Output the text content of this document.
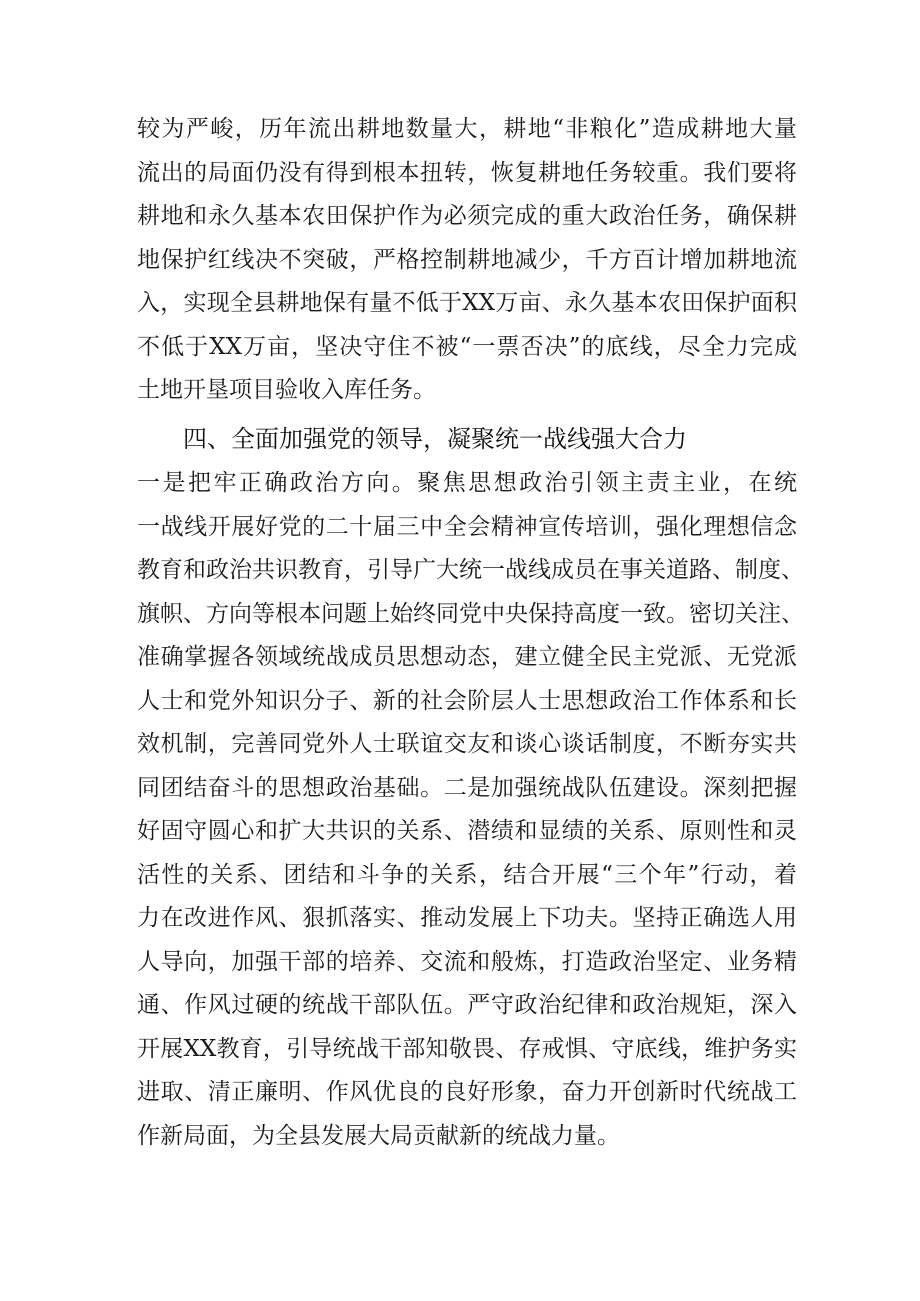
较为严峻，历年流出耕地数量大，耕地“非粮化”造成耕地大量
流出的局面仍没有得到根本扭转，恢复耕地任务较重。我们要将
耕地和永久基本农田保护作为必须完成的重大政治任务，确保耕
地保护红线决不突破，严格控制耕地减少，千方百计增加耕地流
入，实现全县耕地保有量不低于XX万亩、永久基本农田保护面积
不低于XX万亩，坚决守住不被“一票否决”的底线，尽全力完成
土地开垦项目验收入库任务。
四、全面加强党的领导，凝聚统一战线强大合力
一是把牢正确政治方向。聚焦思想政治引领主责主业，在统
一战线开展好党的二十届三中全会精神宣传培训，强化理想信念
教育和政治共识教育，引导广大统一战线成员在事关道路、制度、
旗帜、方向等根本问题上始终同党中央保持高度一致。密切关注、
准确掌握各领域统战成员思想动态，建立健全民主党派、无党派
人士和党外知识分子、新的社会阶层人士思想政治工作体系和长
效机制，完善同党外人士联谊交友和谈心谈话制度，不断夯实共
同团结奋斗的思想政治基础。二是加强统战队伍建设。深刻把握
好固守圆心和扩大共识的关系、潜绩和显绩的关系、原则性和灵
活性的关系、团结和斗争的关系，结合开展“三个年”行动，着
力在改进作风、狠抓落实、推动发展上下功夫。坚持正确选人用
人导向，加强干部的培养、交流和般炼，打造政治坚定、业务精
通、作风过硬的统战干部队伍。严守政治纪律和政治规矩，深入
开展XX教育，引导统战干部知敬畏、存戒惧、守底线，维护务实
进取、清正廉明、作风优良的良好形象，奋力开创新时代统战工
作新局面，为全县发展大局贡献新的统战力量。
